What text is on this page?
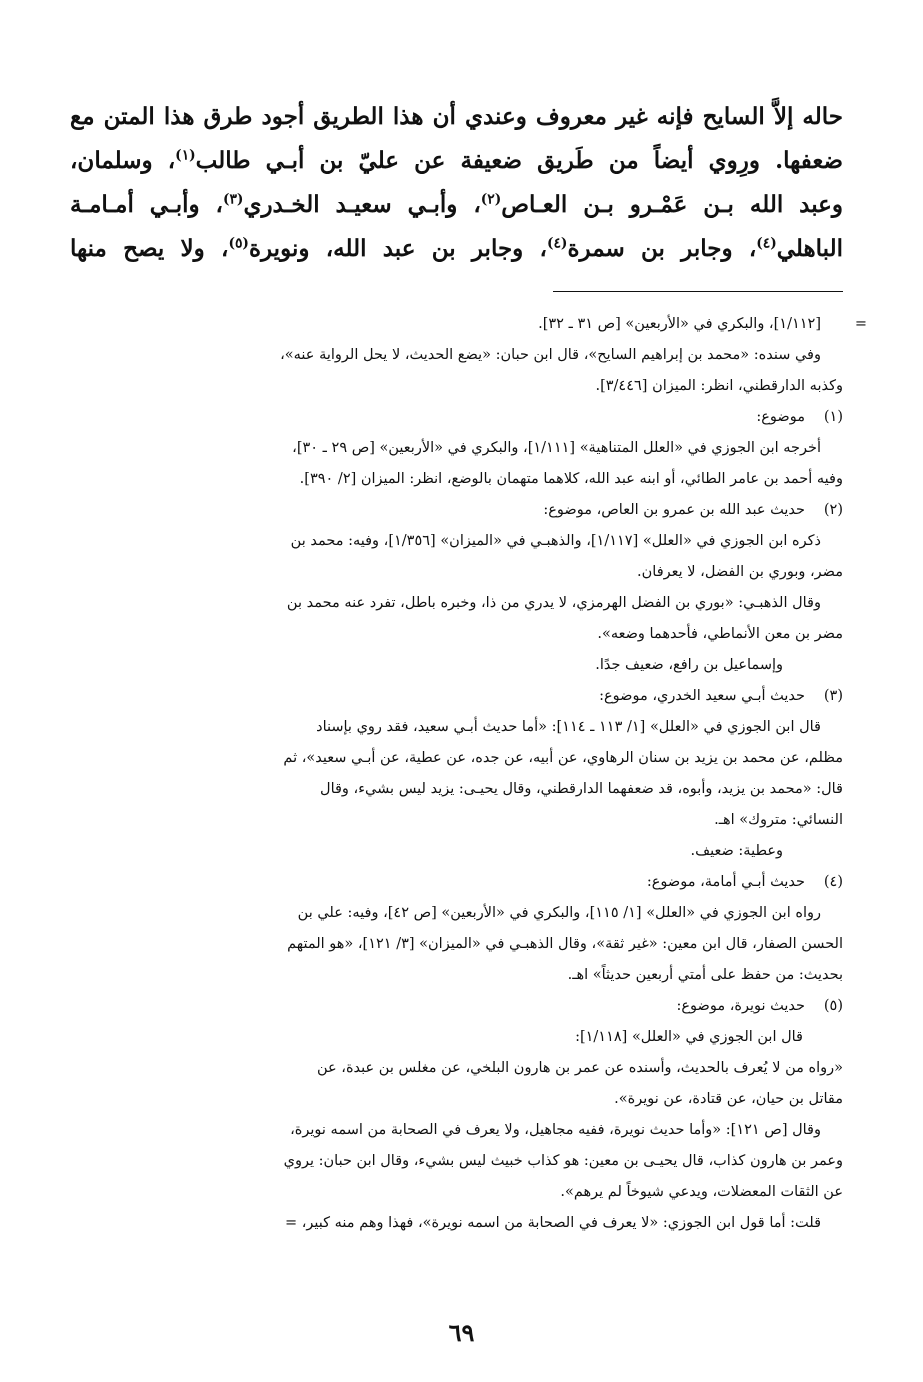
حاله إلاَّ السايح فإنه غير معروف وعندي أن هذا الطريق أجود طرق هذا المتن مع
ضعفها. ورِوي أيضاً من طَريق ضعيفة عن عليّ بن أبـي طالب$^{(١)}$، وسلمان،
وعبد الله بـن عَمْـرو بـن العـاص$^{(٢)}$، وأبـي سعيـد الخـدري$^{(٣)}$، وأبـي أمـامـة
الباهلي$^{(٤)}$، وجابر بن سمرة$^{(٤)}$، وجابر بن عبد الله، ونويرة$^{(٥)}$، ولا يصح منها

=
[١/١١٢]، والبكري في «الأربعين» [ص ٣١ ـ ٣٢].

وفي سنده: «محمد بن إبراهيم السايح»، قال ابن حبان: «يضع الحديث، لا يحل الرواية عنه»،

وكذبه الدارقطني، انظر: الميزان [٣/٤٤٦].

(١)موضوع:

أخرجه ابن الجوزي في «العلل المتناهية» [١/١١١]، والبكري في «الأربعين» [ص ٢٩ ـ ٣٠]،

وفيه أحمد بن عامر الطائي، أو ابنه عبد الله، كلاهما متهمان بالوضع، انظر: الميزان [٢/ ٣٩٠].

(٢)حديث عبد الله بن عمرو بن العاص، موضوع:

ذكره ابن الجوزي في «العلل» [١/١١٧]، والذهبـي في «الميزان» [١/٣٥٦]، وفيه: محمد بن

مضر، وبوري بن الفضل، لا يعرفان.

وقال الذهبـي: «بوري بن الفضل الهرمزي، لا يدري من ذا، وخبره باطل، تفرد عنه محمد بن

مضر بن معن الأنماطي، فأحدهما وضعه».

وإسماعيل بن رافع، ضعيف جدًا.

(٣)حديث أبـي سعيد الخدري، موضوع:

قال ابن الجوزي في «العلل» [١/ ١١٣ ـ ١١٤]: «أما حديث أبـي سعيد، فقد روي بإسناد

مظلم، عن محمد بن يزيد بن سنان الرهاوي، عن أبيه، عن جده، عن عطية، عن أبـي سعيد»، ثم

قال: «محمد بن يزيد، وأبوه، قد ضعفهما الدارقطني، وقال يحيـى: يزيد ليس بشيء، وقال

النسائي: متروك» اهـ.

وعطية: ضعيف.

(٤)حديث أبـي أمامة، موضوع:

رواه ابن الجوزي في «العلل» [١/ ١١٥]، والبكري في «الأربعين» [ص ٤٢]، وفيه: علي بن

الحسن الصفار، قال ابن معين: «غير ثقة»، وقال الذهبـي في «الميزان» [٣/ ١٢١]، «هو المتهم

بحديث: من حفظ على أمتي أربعين حديثاً» اهـ.

(٥)حديث نويرة، موضوع:

قال ابن الجوزي في «العلل» [١/١١٨]:

«رواه من لا يُعرف بالحديث، وأسنده عن عمر بن هارون البلخي، عن مغلس بن عبدة، عن

مقاتل بن حيان، عن قتادة، عن نويرة».

وقال [ص ١٢١]: «وأما حديث نويرة، ففيه مجاهيل، ولا يعرف في الصحابة من اسمه نويرة،

وعمر بن هارون كذاب، قال يحيـى بن معين: هو كذاب خبيث ليس بشيء، وقال ابن حبان: يروي

عن الثقات المعضلات، ويدعي شيوخاً لم يرهم».

قلت: أما قول ابن الجوزي: «لا يعرف في الصحابة من اسمه نويرة»، فهذا وهم منه كبير، =

٦٩
